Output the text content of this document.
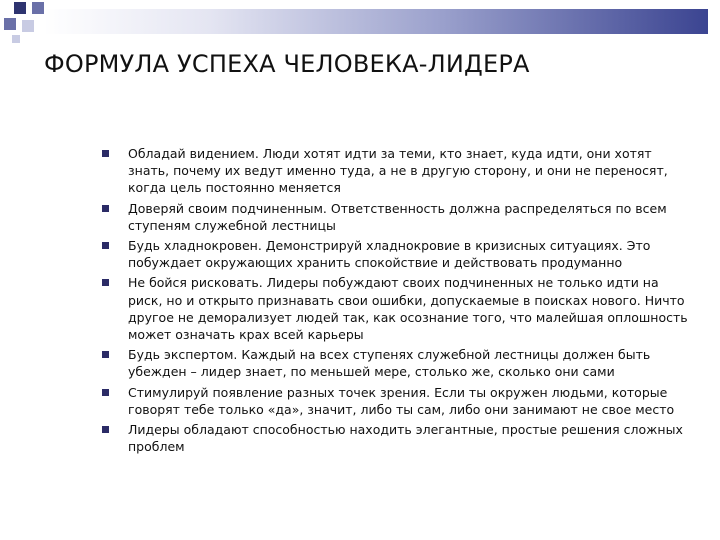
ФОРМУЛА УСПЕХА ЧЕЛОВЕКА-ЛИДЕРА
Обладай видением. Люди хотят идти за теми, кто знает, куда идти, они хотят знать, почему их ведут именно туда, а не в другую сторону, и они не переносят, когда цель постоянно меняется
Доверяй своим подчиненным. Ответственность должна распределяться по всем ступеням служебной лестницы
Будь хладнокровен. Демонстрируй хладнокровие в кризисных ситуациях. Это побуждает окружающих хранить спокойствие и действовать продуманно
Не бойся рисковать. Лидеры побуждают своих подчиненных не только идти на риск, но и открыто признавать свои ошибки, допускаемые в поисках нового. Ничто другое не деморализует людей так, как осознание того, что малейшая оплошность может означать крах всей карьеры
Будь экспертом. Каждый на всех ступенях служебной лестницы должен быть убежден – лидер знает, по меньшей мере, столько же, сколько они сами
Стимулируй появление разных точек зрения. Если ты окружен людьми, которые говорят тебе только «да», значит, либо ты сам, либо они занимают не свое место
Лидеры обладают способностью находить элегантные, простые решения сложных проблем
